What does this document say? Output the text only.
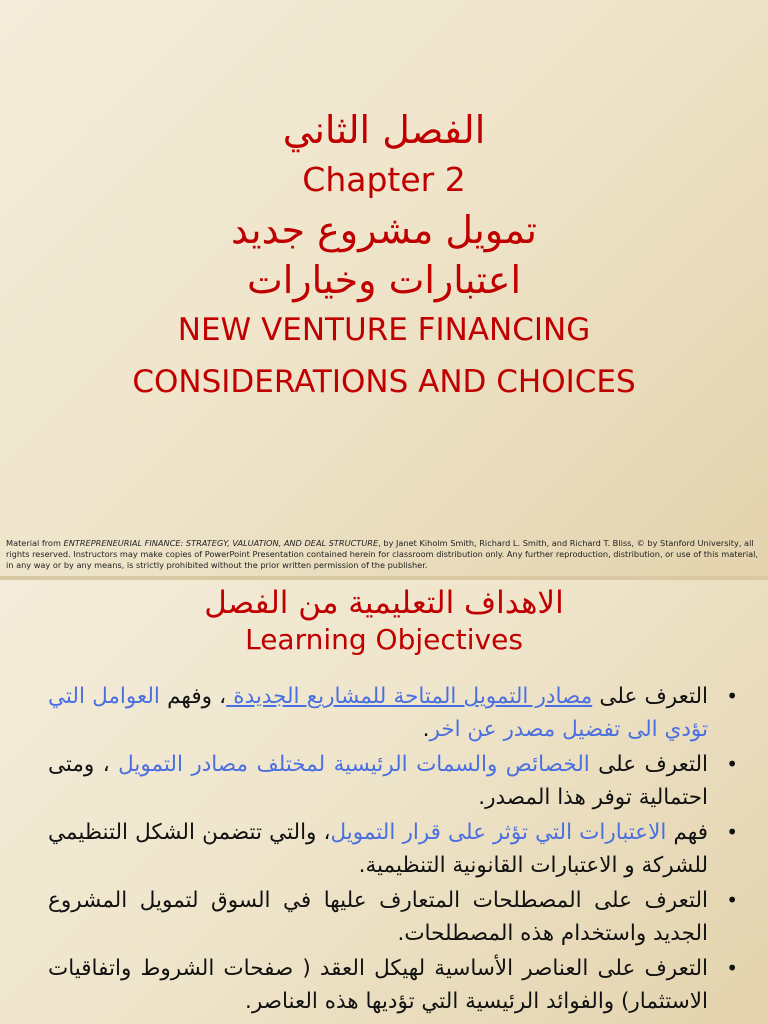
الفصل الثاني
Chapter 2
تمويل مشروع جديد
اعتبارات وخيارات
NEW VENTURE FINANCING
CONSIDERATIONS AND CHOICES
Material from ENTREPRENEURIAL FINANCE: STRATEGY, VALUATION, AND DEAL STRUCTURE, by Janet Kiholm Smith, Richard L. Smith, and Richard T. Bliss, © by Stanford University, all rights reserved. Instructors may make copies of PowerPoint Presentation contained herein for classroom distribution only. Any further reproduction, distribution, or use of this material, in any way or by any means, is strictly prohibited without the prior written permission of the publisher.
الاهداف التعليمية من الفصل
Learning Objectives
• التعرف على مصادر التمويل المتاحة للمشاريع الجديدة ، وفهم العوامل التي تؤدي الى تفضيل مصدر عن اخر.
• التعرف على الخصائص والسمات الرئيسية لمختلف مصادر التمويل ، ومتى احتمالية توفر هذا المصدر.
• فهم الاعتبارات التي تؤثر على قرار التمويل، والتي تتضمن الشكل التنظيمي للشركة و الاعتبارات القانونية التنظيمية.
• التعرف على المصطلحات المتعارف عليها في السوق لتمويل المشروع الجديد واستخدام هذه المصطلحات.
• التعرف على العناصر الأساسية لهيكل العقد ( صفحات الشروط واتفاقيات الاستثمار) والفوائد الرئيسية التي تؤديها هذه العناصر.
